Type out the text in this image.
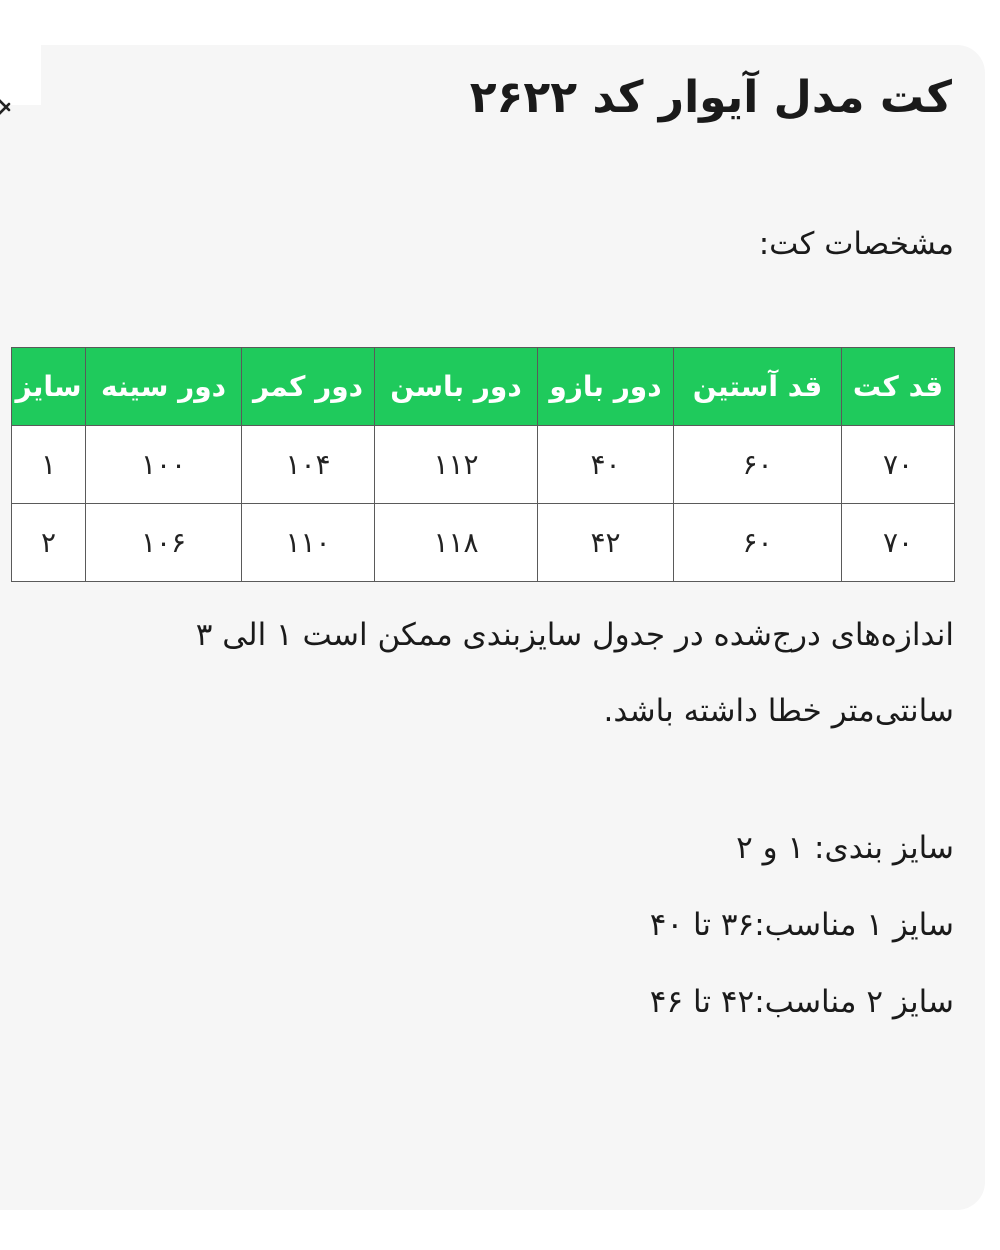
کت مدل آیوار کد ۲۶۲۲
مشخصات کت:
قد کت	قد آستین	دور بازو	دور باسن	دور کمر	دور سینه	سایز
۷۰	۶۰	۴۰	۱۱۲	۱۰۴	۱۰۰	۱
۷۰	۶۰	۴۲	۱۱۸	۱۱۰	۱۰۶	۲
اندازه‌های درج‌شده در جدول سایزبندی ممکن است ۱ الی ۳ سانتی‌متر خطا داشته باشد.
سایز بندی: ۱ و ۲
سایز ۱ مناسب:۳۶ تا ۴۰
سایز ۲ مناسب:۴۲ تا ۴۶
